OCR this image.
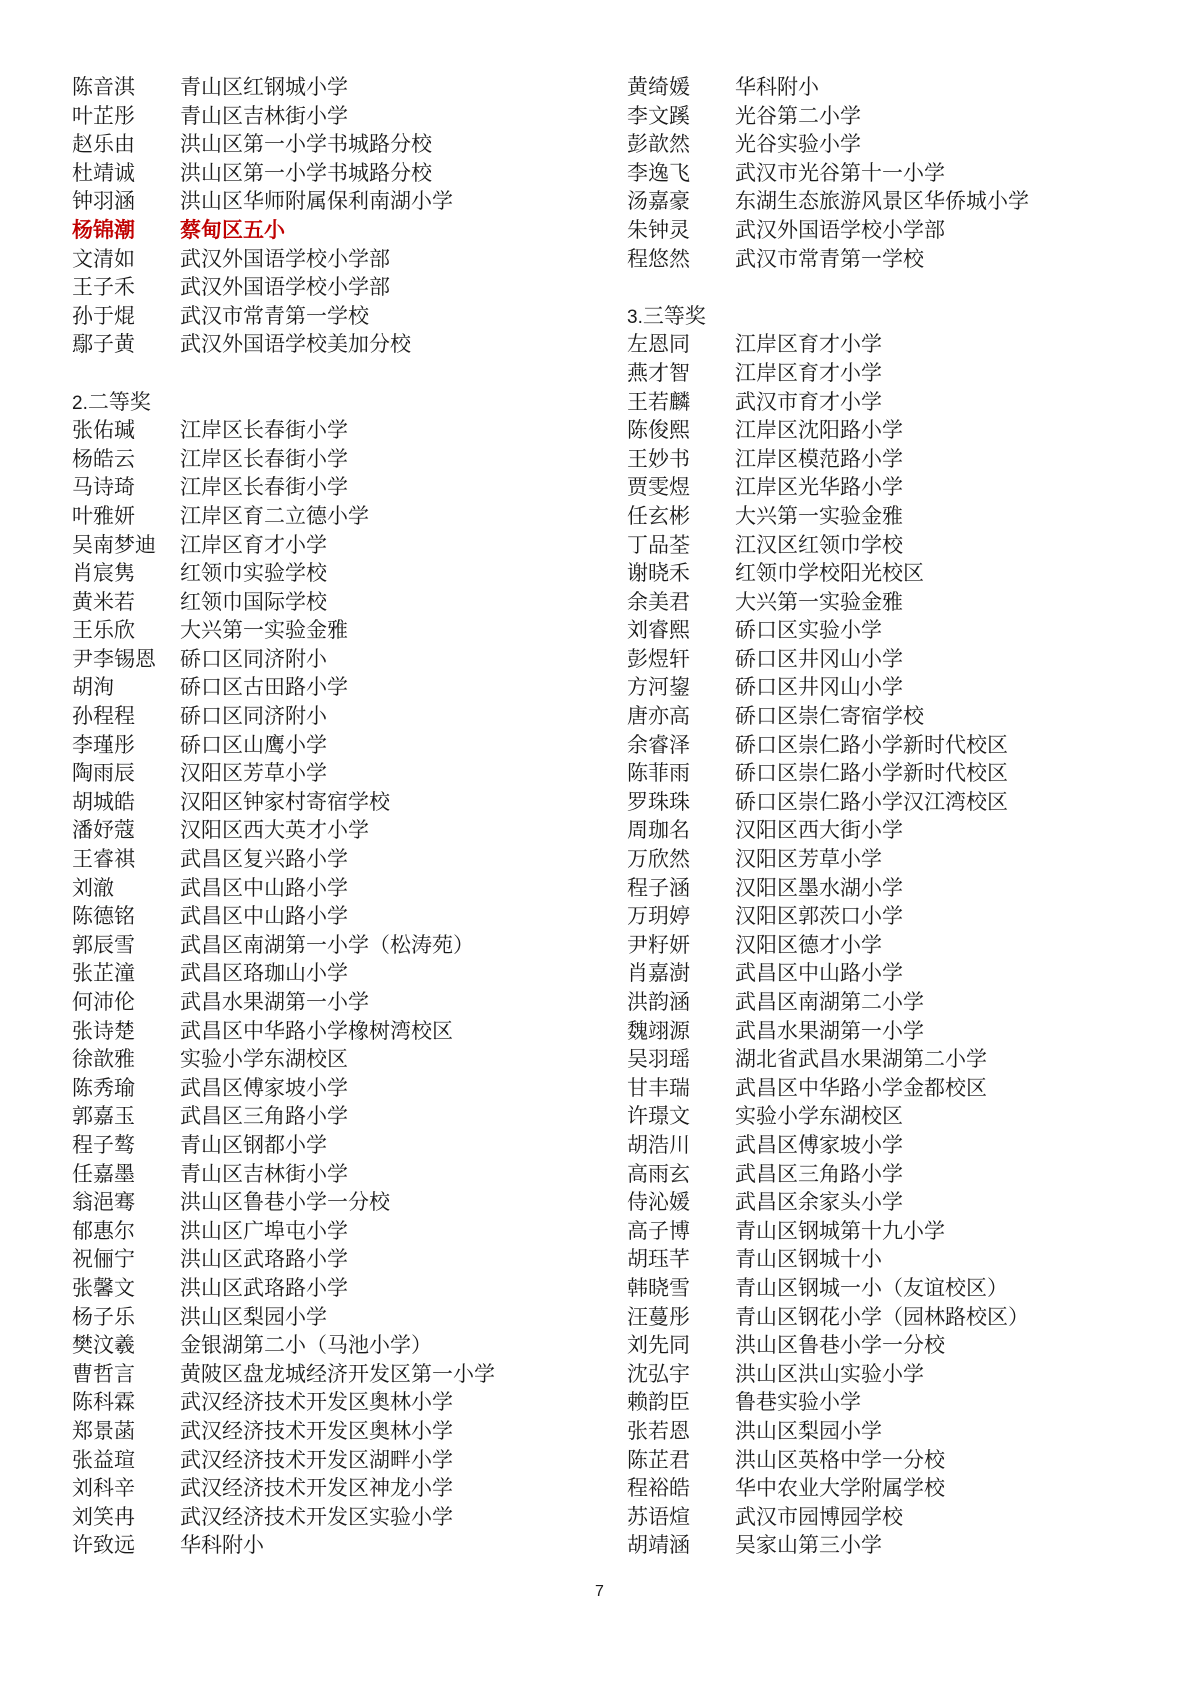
陈音淇	青山区红钢城小学
叶芷彤	青山区吉林街小学
赵乐由	洪山区第一小学书城路分校
杜靖诚	洪山区第一小学书城路分校
钟羽涵	洪山区华师附属保利南湖小学
杨锦潮	蔡甸区五小
文清如	武汉外国语学校小学部
王子禾	武汉外国语学校小学部
孙于焜	武汉市常青第一学校
鄢子黄	武汉外国语学校美加分校
2.二等奖
张佑瑊	江岸区长春街小学
杨皓云	江岸区长春街小学
马诗琦	江岸区长春街小学
叶雅妍	江岸区育二立德小学
吴南梦迪	江岸区育才小学
肖宸隽	红领巾实验学校
黄米若	红领巾国际学校
王乐欣	大兴第一实验金雅
尹李锡恩	硚口区同济附小
胡洵	硚口区古田路小学
孙程程	硚口区同济附小
李瑾彤	硚口区山鹰小学
陶雨辰	汉阳区芳草小学
胡城皓	汉阳区钟家村寄宿学校
潘妤蔻	汉阳区西大英才小学
王睿祺	武昌区复兴路小学
刘澈	武昌区中山路小学
陈德铭	武昌区中山路小学
郭辰雪	武昌区南湖第一小学（松涛苑）
张芷潼	武昌区珞珈山小学
何沛伦	武昌水果湖第一小学
张诗楚	武昌区中华路小学橡树湾校区
徐歆雅	实验小学东湖校区
陈秀瑜	武昌区傅家坡小学
郭嘉玉	武昌区三角路小学
程子骜	青山区钢都小学
任嘉墨	青山区吉林街小学
翁浥骞	洪山区鲁巷小学一分校
郁惠尔	洪山区广埠屯小学
祝俪宁	洪山区武珞路小学
张馨文	洪山区武珞路小学
杨子乐	洪山区梨园小学
樊汶羲	金银湖第二小（马池小学）
曹哲言	黄陂区盘龙城经济开发区第一小学
陈科霖	武汉经济技术开发区奥林小学
郑景菡	武汉经济技术开发区奥林小学
张益瑄	武汉经济技术开发区湖畔小学
刘科辛	武汉经济技术开发区神龙小学
刘笑冉	武汉经济技术开发区实验小学
许致远	华科附小
黄绮媛	华科附小
李文蹊	光谷第二小学
彭歆然	光谷实验小学
李逸飞	武汉市光谷第十一小学
汤嘉豪	东湖生态旅游风景区华侨城小学
朱钟灵	武汉外国语学校小学部
程悠然	武汉市常青第一学校
3.三等奖
左恩同	江岸区育才小学
燕才智	江岸区育才小学
王若麟	武汉市育才小学
陈俊熙	江岸区沈阳路小学
王妙书	江岸区模范路小学
贾雯煜	江岸区光华路小学
任玄彬	大兴第一实验金雅
丁品荃	江汉区红领巾学校
谢晓禾	红领巾学校阳光校区
余美君	大兴第一实验金雅
刘睿熙	硚口区实验小学
彭煜轩	硚口区井冈山小学
方河鋆	硚口区井冈山小学
唐亦高	硚口区崇仁寄宿学校
余睿泽	硚口区崇仁路小学新时代校区
陈菲雨	硚口区崇仁路小学新时代校区
罗珠珠	硚口区崇仁路小学汉江湾校区
周珈名	汉阳区西大街小学
万欣然	汉阳区芳草小学
程子涵	汉阳区墨水湖小学
万玥婷	汉阳区郭茨口小学
尹籽妍	汉阳区德才小学
肖嘉澍	武昌区中山路小学
洪韵涵	武昌区南湖第二小学
魏翊源	武昌水果湖第一小学
吴羽瑶	湖北省武昌水果湖第二小学
甘丰瑞	武昌区中华路小学金都校区
许璟文	实验小学东湖校区
胡浩川	武昌区傅家坡小学
高雨玄	武昌区三角路小学
侍沁媛	武昌区余家头小学
高子博	青山区钢城第十九小学
胡珏芊	青山区钢城十小
韩晓雪	青山区钢城一小（友谊校区）
汪蔓彤	青山区钢花小学（园林路校区）
刘先同	洪山区鲁巷小学一分校
沈弘宇	洪山区洪山实验小学
赖韵臣	鲁巷实验小学
张若恩	洪山区梨园小学
陈芷君	洪山区英格中学一分校
程裕皓	华中农业大学附属学校
苏语煊	武汉市园博园学校
胡靖涵	吴家山第三小学
7
